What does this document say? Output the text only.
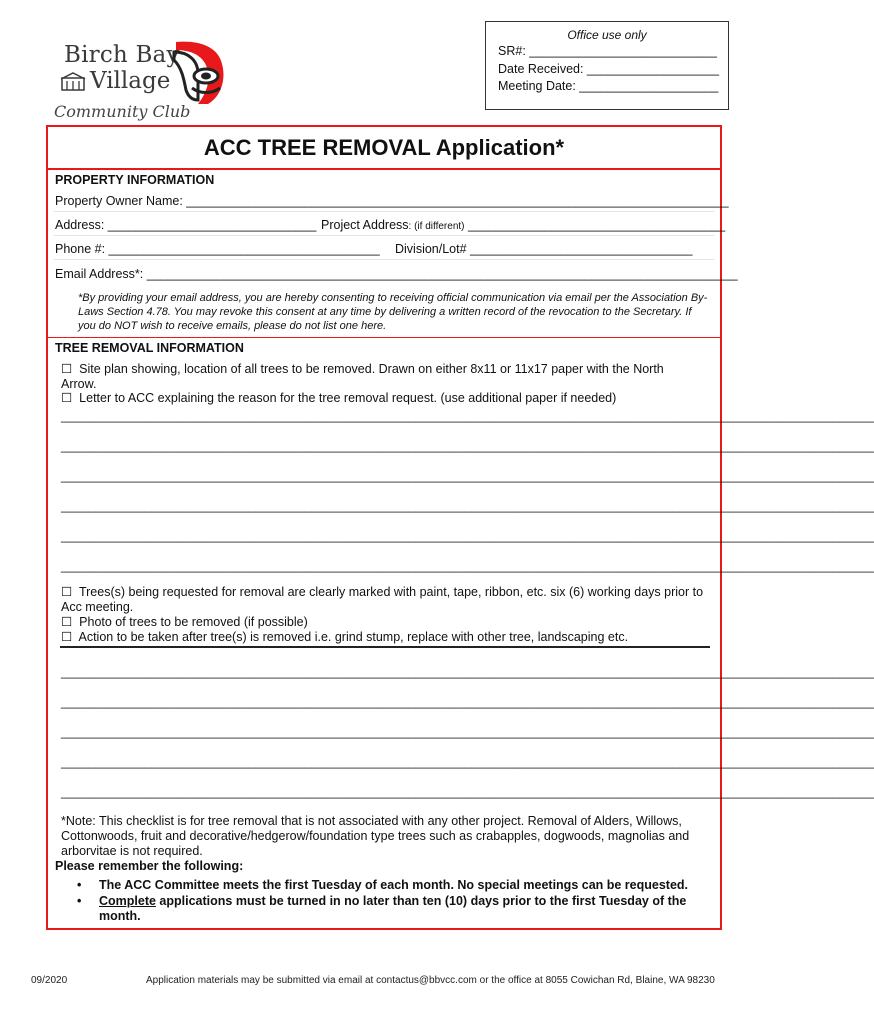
Birch Bay
Village
Community Club
Office use only
SR#: ___________________________
Date Received: ___________________
Meeting Date: ____________________
ACC TREE REMOVAL Application*
PROPERTY INFORMATION
Property Owner Name: ______________________________________________________________________________
Address: ______________________________ Project Address: (if different) _____________________________________
Phone #: _______________________________________ Division/Lot# ________________________________
Email Address*: _____________________________________________________________________________________
*By providing your email address, you are hereby consenting to receiving official communication via email per the Association By-Laws Section 4.78. You may revoke this consent at any time by delivering a written record of the revocation to the Secretary. If you do NOT wish to receive emails, please do not list one here.
TREE REMOVAL INFORMATION
☐ Site plan showing, location of all trees to be removed. Drawn on either 8x11 or 11x17 paper with the North Arrow.
☐ Letter to ACC explaining the reason for the tree removal request. (use additional paper if needed)
_____________________________________________________________________________________________________________________
_____________________________________________________________________________________________________________________
_____________________________________________________________________________________________________________________
_____________________________________________________________________________________________________________________
_____________________________________________________________________________________________________________________
_____________________________________________________________________________________________________________________
☐ Trees(s) being requested for removal are clearly marked with paint, tape, ribbon, etc. six (6) working days prior to Acc meeting.
☐ Photo of trees to be removed (if possible)
☐ Action to be taken after tree(s) is removed i.e. grind stump, replace with other tree, landscaping etc.
_____________________________________________________________________________________________________________________
_____________________________________________________________________________________________________________________
_____________________________________________________________________________________________________________________
_____________________________________________________________________________________________________________________
_____________________________________________________________________________________________________________________
*Note: This checklist is for tree removal that is not associated with any other project. Removal of Alders, Willows, Cottonwoods, fruit and decorative/hedgerow/foundation type trees such as crabapples, dogwoods, magnolias and arborvitae is not required.
Please remember the following:
• The ACC Committee meets the first Tuesday of each month. No special meetings can be requested.
• Complete applications must be turned in no later than ten (10) days prior to the first Tuesday of the month.
09/2020	Application materials may be submitted via email at contactus@bbvcc.com or the office at 8055 Cowichan Rd, Blaine, WA 98230
